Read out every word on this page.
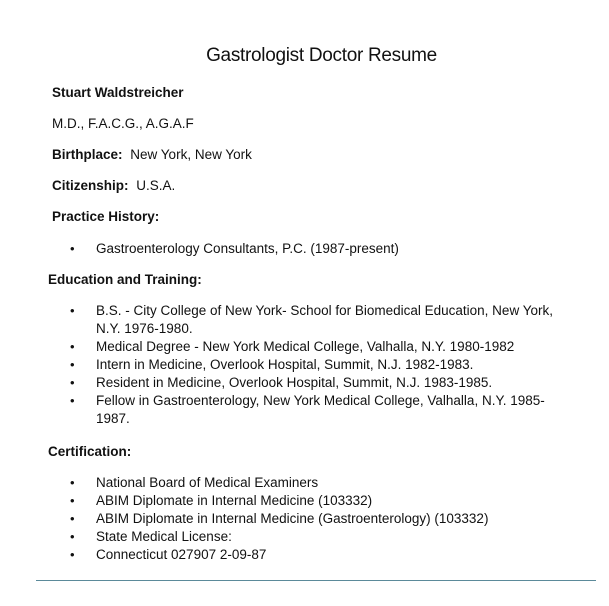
Gastrologist Doctor Resume
Stuart Waldstreicher
M.D., F.A.C.G., A.G.A.F
Birthplace: New York, New York
Citizenship: U.S.A.
Practice History:
• Gastroenterology Consultants, P.C. (1987-present)
Education and Training:
• B.S. - City College of New York- School for Biomedical Education, New York, N.Y. 1976-1980.
• Medical Degree - New York Medical College, Valhalla, N.Y. 1980-1982
• Intern in Medicine, Overlook Hospital, Summit, N.J. 1982-1983.
• Resident in Medicine, Overlook Hospital, Summit, N.J. 1983-1985.
• Fellow in Gastroenterology, New York Medical College, Valhalla, N.Y. 1985-1987.
Certification:
• National Board of Medical Examiners
• ABIM Diplomate in Internal Medicine (103332)
• ABIM Diplomate in Internal Medicine (Gastroenterology) (103332)
• State Medical License:
• Connecticut 027907 2-09-87
